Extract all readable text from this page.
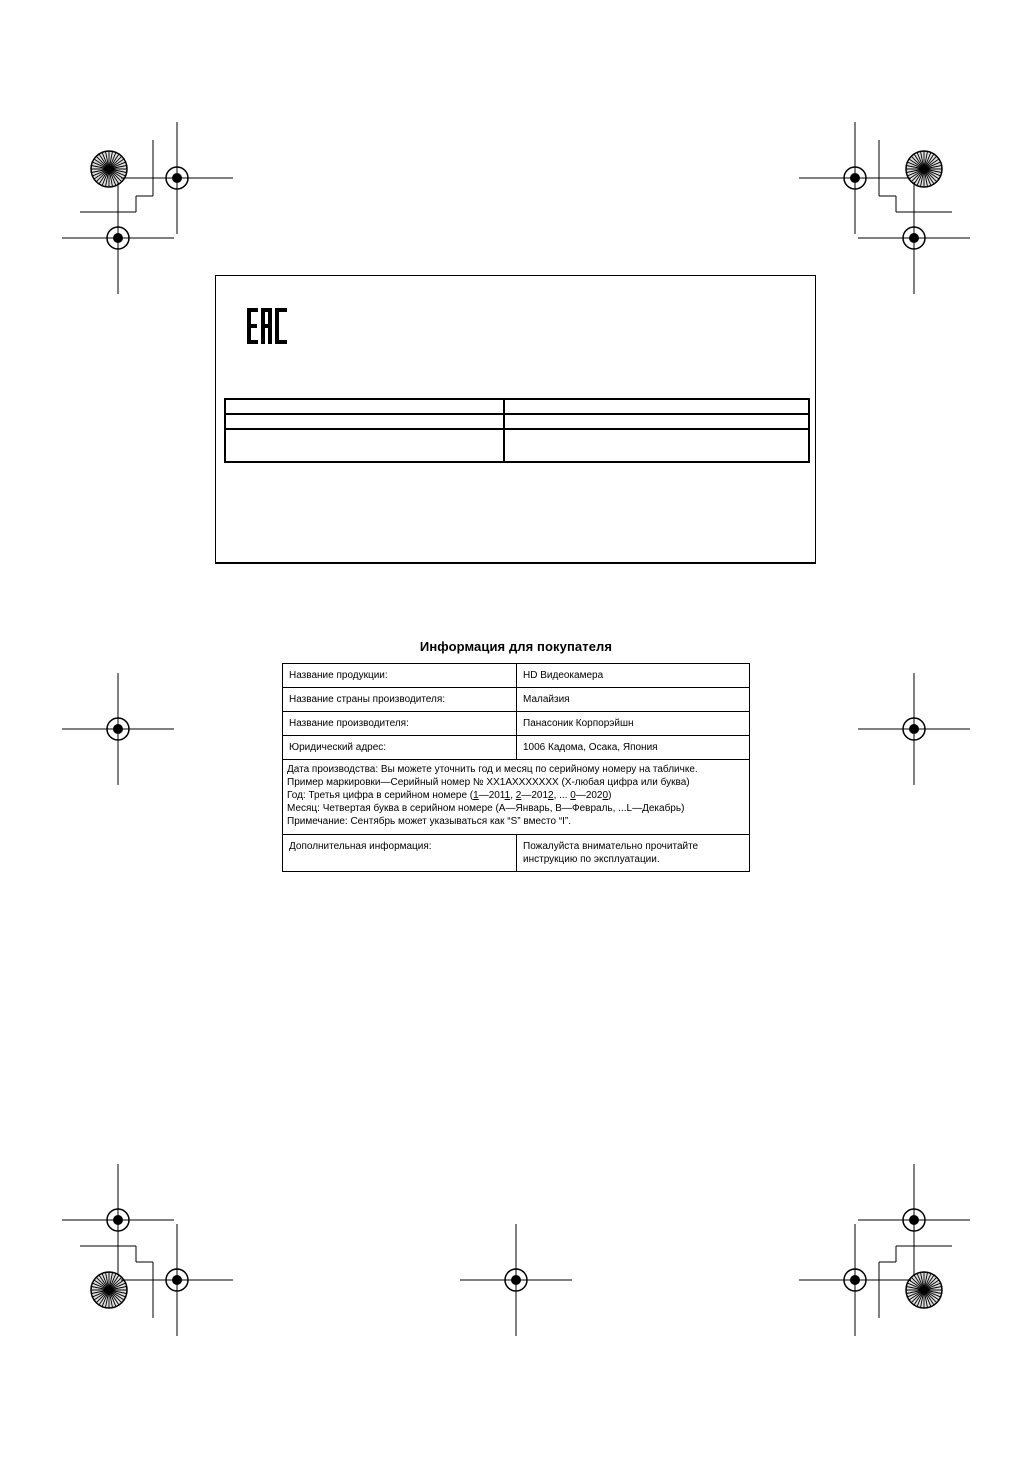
Информация для покупателя
Название продукции:	HD Видеокамера
Название страны производителя:	Малайзия
Название производителя:	Панасоник Корпорэйшн
Юридический адрес:	1006 Кадома, Осака, Япония

Дата производства: Вы можете уточнить год и месяц по серийному номеру на табличке.
Пример маркировки—Серийный номер № XX1AXXXXXXX (X-любая цифра или буква)
Год: Третья цифра в серийном номере (1—2011, 2—2012, ... 0—2020)
Месяц: Четвертая буква в серийном номере (A—Январь, B—Февраль, ...L—Декабрь)
Примечание: Сентябрь может указываться как “S” вместо “I”.	

Дополнительная информация:	Пожалуйста внимательно прочитайте
инструкцию по эксплуатации.
